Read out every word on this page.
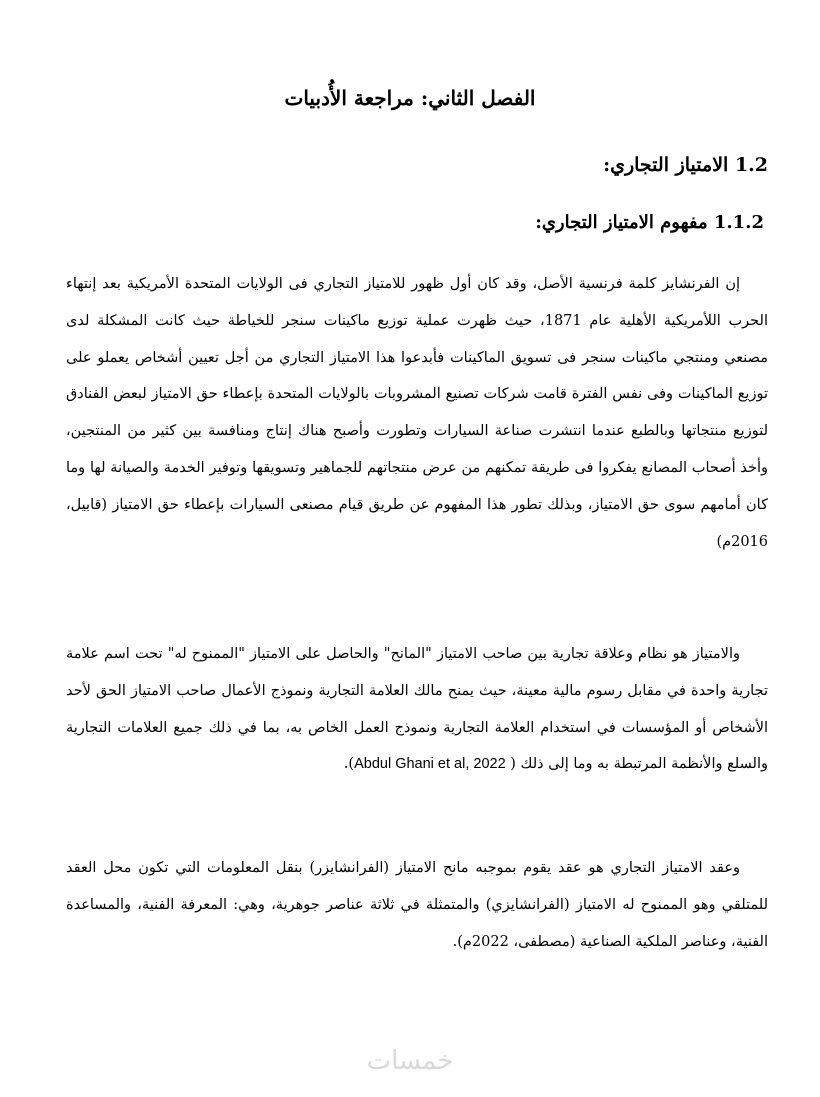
الفصل الثاني: مراجعة الأُدبيات
1.2 الامتياز التجاري:
1.1.2 مفهوم الامتياز التجاري:

إن الفرنشايز كلمة فرنسية الأصل، وقد كان أول ظهور للامتياز التجاري فى الولايات المتحدة الأمريكية بعد إنتهاء الحرب اللأمريكية الأهلية عام 1871، حيث ظهرت عملية توزيع ماكينات سنجر للخياطة حيث كانت المشكلة لدى مصنعي ومنتجي ماكينات سنجر فى تسويق الماكينات فأبدعوا هذا الامتياز التجاري من أجل تعيين أشخاص يعملو على توزيع الماكينات وفى نفس الفترة قامت شركات تصنيع المشروبات بالولايات المتحدة بإعطاء حق الامتياز لبعض الفنادق لتوزيع منتجاتها وبالطبع عندما انتشرت صناعة السيارات وتطورت وأصبح هناك إنتاج ومنافسة بين كثير من المنتجين، وأخذ أصحاب المصانع يفكروا فى طريقة تمكنهم من عرض منتجاتهم للجماهير وتسويقها وتوفير الخدمة والصيانة لها وما كان أمامهم سوى حق الامتياز، وبذلك تطور هذا المفهوم عن طريق قيام مصنعى السيارات بإعطاء حق الامتياز (قابيل، 2016م)

والامتياز هو نظام وعلاقة تجارية بين صاحب الامتياز "المانح" والحاصل على الامتياز "الممنوح له" تحت اسم علامة تجارية واحدة في مقابل رسوم مالية معينة، حيث يمنح مالك العلامة التجارية ونموذج الأعمال صاحب الامتياز الحق لأحد الأشخاص أو المؤسسات في استخدام العلامة التجارية ونموذج العمل الخاص به، بما في ذلك جميع العلامات التجارية والسلع والأنظمة المرتبطة به وما إلى ذلك ( Abdul Ghani et al, 2022).

وعقد الامتياز التجاري هو عقد يقوم بموجبه مانح الامتياز (الفرانشايزر) بنقل المعلومات التي تكون محل العقد للمتلقي وهو الممنوح له الامتياز (الفرانشايزي) والمتمثلة في ثلاثة عناصر جوهرية، وهي: المعرفة الفنية، والمساعدة الفنية، وعناصر الملكية الصناعية (مصطفى، 2022م).

خمسات
